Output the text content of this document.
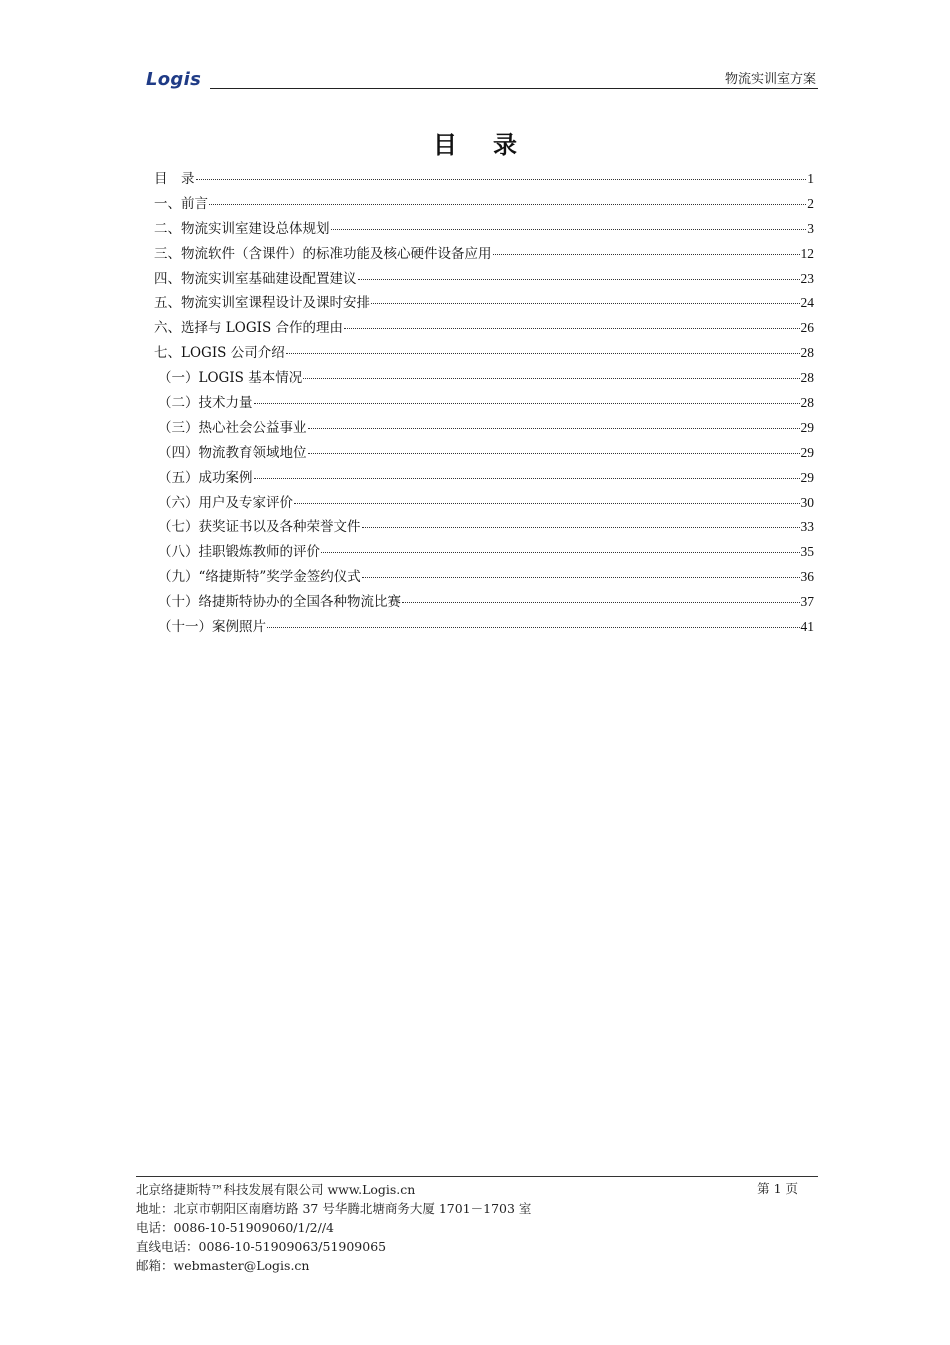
Logis	物流实训室方案
目录
目　录	1
一、前言	2
二、物流实训室建设总体规划	3
三、物流软件（含课件）的标准功能及核心硬件设备应用	12
四、物流实训室基础建设配置建议	23
五、物流实训室课程设计及课时安排	24
六、选择与 LOGIS 合作的理由	26
七、LOGIS 公司介绍	28
（一）LOGIS 基本情况	28
（二）技术力量	28
（三）热心社会公益事业	29
（四）物流教育领域地位	29
（五）成功案例	29
（六）用户及专家评价	30
（七）获奖证书以及各种荣誉文件	33
（八）挂职锻炼教师的评价	35
（九）“络捷斯特”奖学金签约仪式	36
（十）络捷斯特协办的全国各种物流比赛	37
（十一）案例照片	41
第 1 页
北京络捷斯特™科技发展有限公司 www.Logis.cn
地址：北京市朝阳区南磨坊路 37 号华腾北塘商务大厦 1701－1703 室
电话：0086-10-51909060/1/2//4
直线电话：0086-10-51909063/51909065
邮箱：webmaster@Logis.cn
